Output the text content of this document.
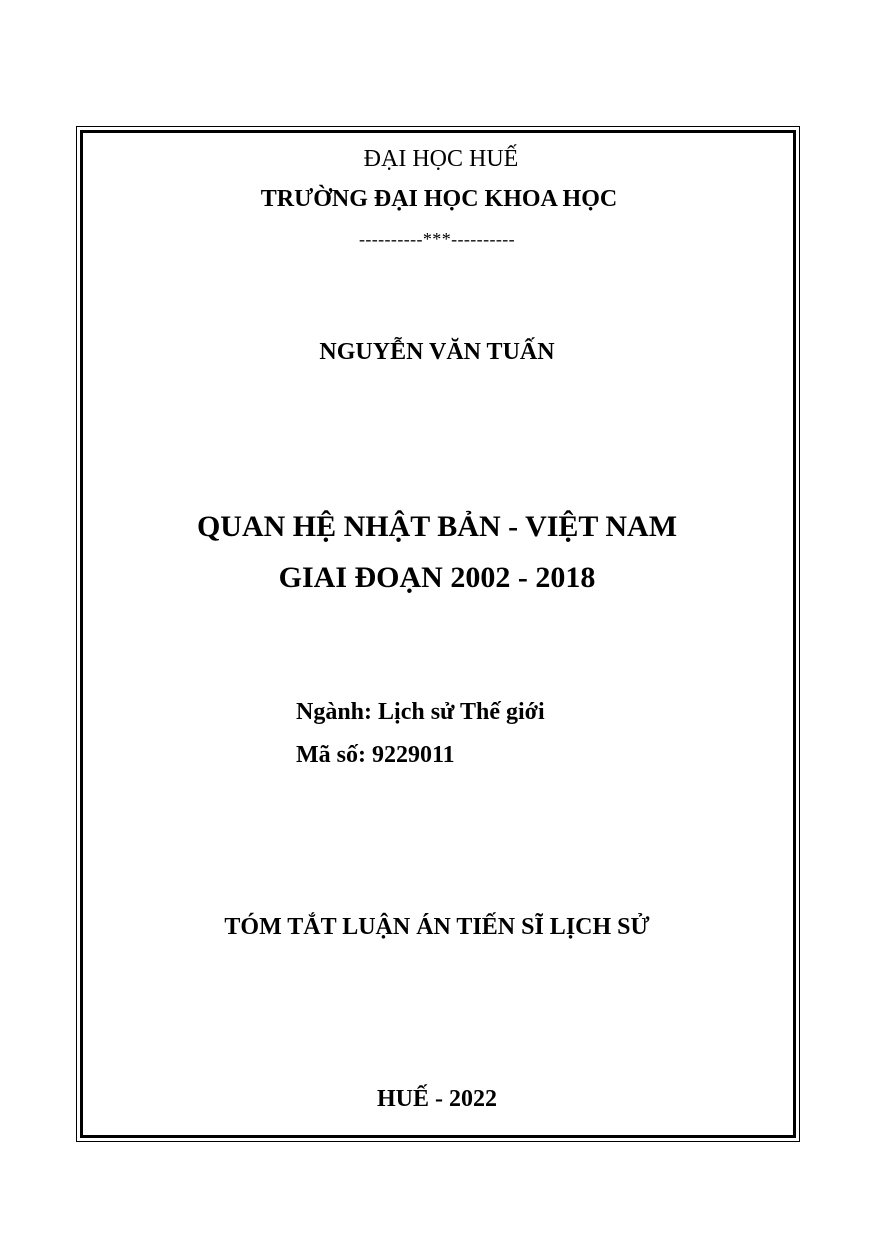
ĐẠI HỌC HUẾ
TRƯỜNG ĐẠI HỌC KHOA HỌC
----------***----------
NGUYỄN VĂN TUẤN
QUAN HỆ NHẬT BẢN - VIỆT NAM
GIAI ĐOẠN 2002 - 2018
Ngành: Lịch sử Thế giới
Mã số: 9229011
TÓM TẮT LUẬN ÁN TIẾN SĨ LỊCH SỬ
HUẾ - 2022
